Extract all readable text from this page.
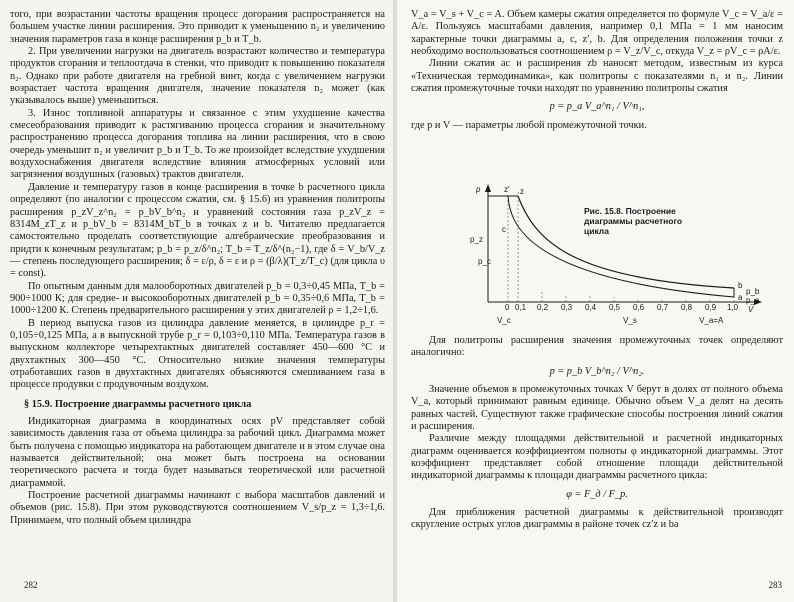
того, при возрастании частоты вращения процесс догорания распространяется на большем участке линии расширения. Это приводит к уменьшению n₂ и увеличению значения параметров газа в конце расширения p_b и T_b.

2. При увеличении нагрузки на двигатель возрастают количество и температура продуктов сгорания и теплоотдача в стенки, что приводит к повышению показателя n₂. Однако при работе двигателя на гребной винт, когда с увеличением нагрузки возрастает частота вращения двигателя, значение показателя n₂ может (как указывалось выше) уменьшиться.

3. Износ топливной аппаратуры и связанное с этим ухудшение качества смесеобразования приводит к растягиванию процесса сгорания и значительному распространению процесса догорания топлива на линии расширения, что в свою очередь уменьшит n₂ и увеличит p_b и T_b. То же произойдет вследствие ухудшения воздухоснабжения двигателя вследствие влияния атмосферных условий или загрязнения воздушных (газовых) трактов двигателя.

Давление и температуру газов в конце расширения в точке b расчетного цикла определяют (по аналогии с процессом сжатия, см. § 15.6) из уравнения политропы расширения p_zV_z^n₂ = p_bV_b^n₂ и уравнений состояния газа p_zV_z = 8314M_zT_z и p_bV_b = 8314M_bT_b в точках z и b. Читателю предлагается самостоятельно проделать соответствующие алгебраические преобразования и придти к конечным результатам; p_b = p_z/δ^n₂; T_b = T_z/δ^(n₂−1), где δ = V_b/V_z — степень последующего расширения; δ = ε/ρ, δ = ε и ρ = (β/λ)(T_z/T_c) (для цикла υ = const).

По опытным данным для малооборотных двигателей p_b = 0,3÷0,45 МПа, T_b = 900÷1000 К; для средне- и высокооборотных двигателей p_b = 0,35÷0,6 МПа, T_b = 1000÷1200 К. Степень предварительного расширения у этих двигателей ρ = 1,2÷1,6.

В период выпуска газов из цилиндра давление меняется, в цилиндре p_r = 0,105÷0,125 МПа, а в выпускной трубе p_r = 0,103÷0,110 МПа. Температура газов в выпускном коллекторе четырехтактных двигателей составляет 450—600 °С и двухтактных 300—450 °С. Относительно низкие значения температуры отработавших газов в двухтактных двигателях объясняются смешиванием газа в процессе продувки с продувочным воздухом.

§ 15.9. Построение диаграммы расчетного цикла

Индикаторная диаграмма в координатных осях pV представляет собой зависимость давления газа от объема цилиндра за рабочий цикл. Диаграмма может быть получена с помощью индикатора на работающем двигателе и в этом случае она называется действительной; она может быть построена на основании теоретического расчета и тогда будет называться теоретической или расчетной диаграммой.

Построение расчетной диаграммы начинают с выбора масштабов давлений и объемов (рис. 15.8). При этом руководствуются соотношением V_s/p_z = 1,3÷1,6. Принимаем, что полный объем цилиндра

282

V_a = V_s + V_c = A. Объем камеры сжатия определяется по формуле V_c = V_a/ε = A/ε. Пользуясь масштабами давления, например 0,1 МПа = 1 мм наносим характерные точки диаграммы a, c, z′, b. Для определения положения точки z необходимо воспользоваться соотношением ρ = V_z/V_c, откуда V_z = ρV_c = ρA/ε.

Линии сжатия ac и расширения zb наносят методом, известным из курса «Техническая термодинамика», как политропы с показателями n₁ и n₂. Линии сжатия промежуточные точки находят по уравнению политропы сжатия

p = p_a V_a^n₁ / V^n₁,

где p и V — параметры любой промежуточной точки.

p
V
z
z′
c
b
a
p_z
p_c
p_b
p_a
0 0,1 0,2 0,3 0,4 0,5 0,6 0,7 0,8 0,9 1,0
Рис. 15.8. Построение диаграммы расчетного цикла
V_c	V_s	V_a=A

Для политропы расширения значения промежуточных точек определяют аналогично:

p = p_b V_b^n₂ / V^n₂.

Значение объемов в промежуточных точках V берут в долях от полного объема V_a, который принимают равным единице. Обычно объем V_a делят на десять равных частей. Существуют также графические способы построения линий сжатия и расширения.

Различие между площадями действительной и расчетной индикаторных диаграмм оценивается коэффициентом полноты φ индикаторной диаграммы. Этот коэффициент представляет собой отношение площади действительной индикаторной диаграммы к площади диаграммы расчетного цикла:

φ = F_д / F_р.

Для приближения расчетной диаграммы к действительной производят скругление острых углов диаграммы в районе точек cz′z и ba

283
